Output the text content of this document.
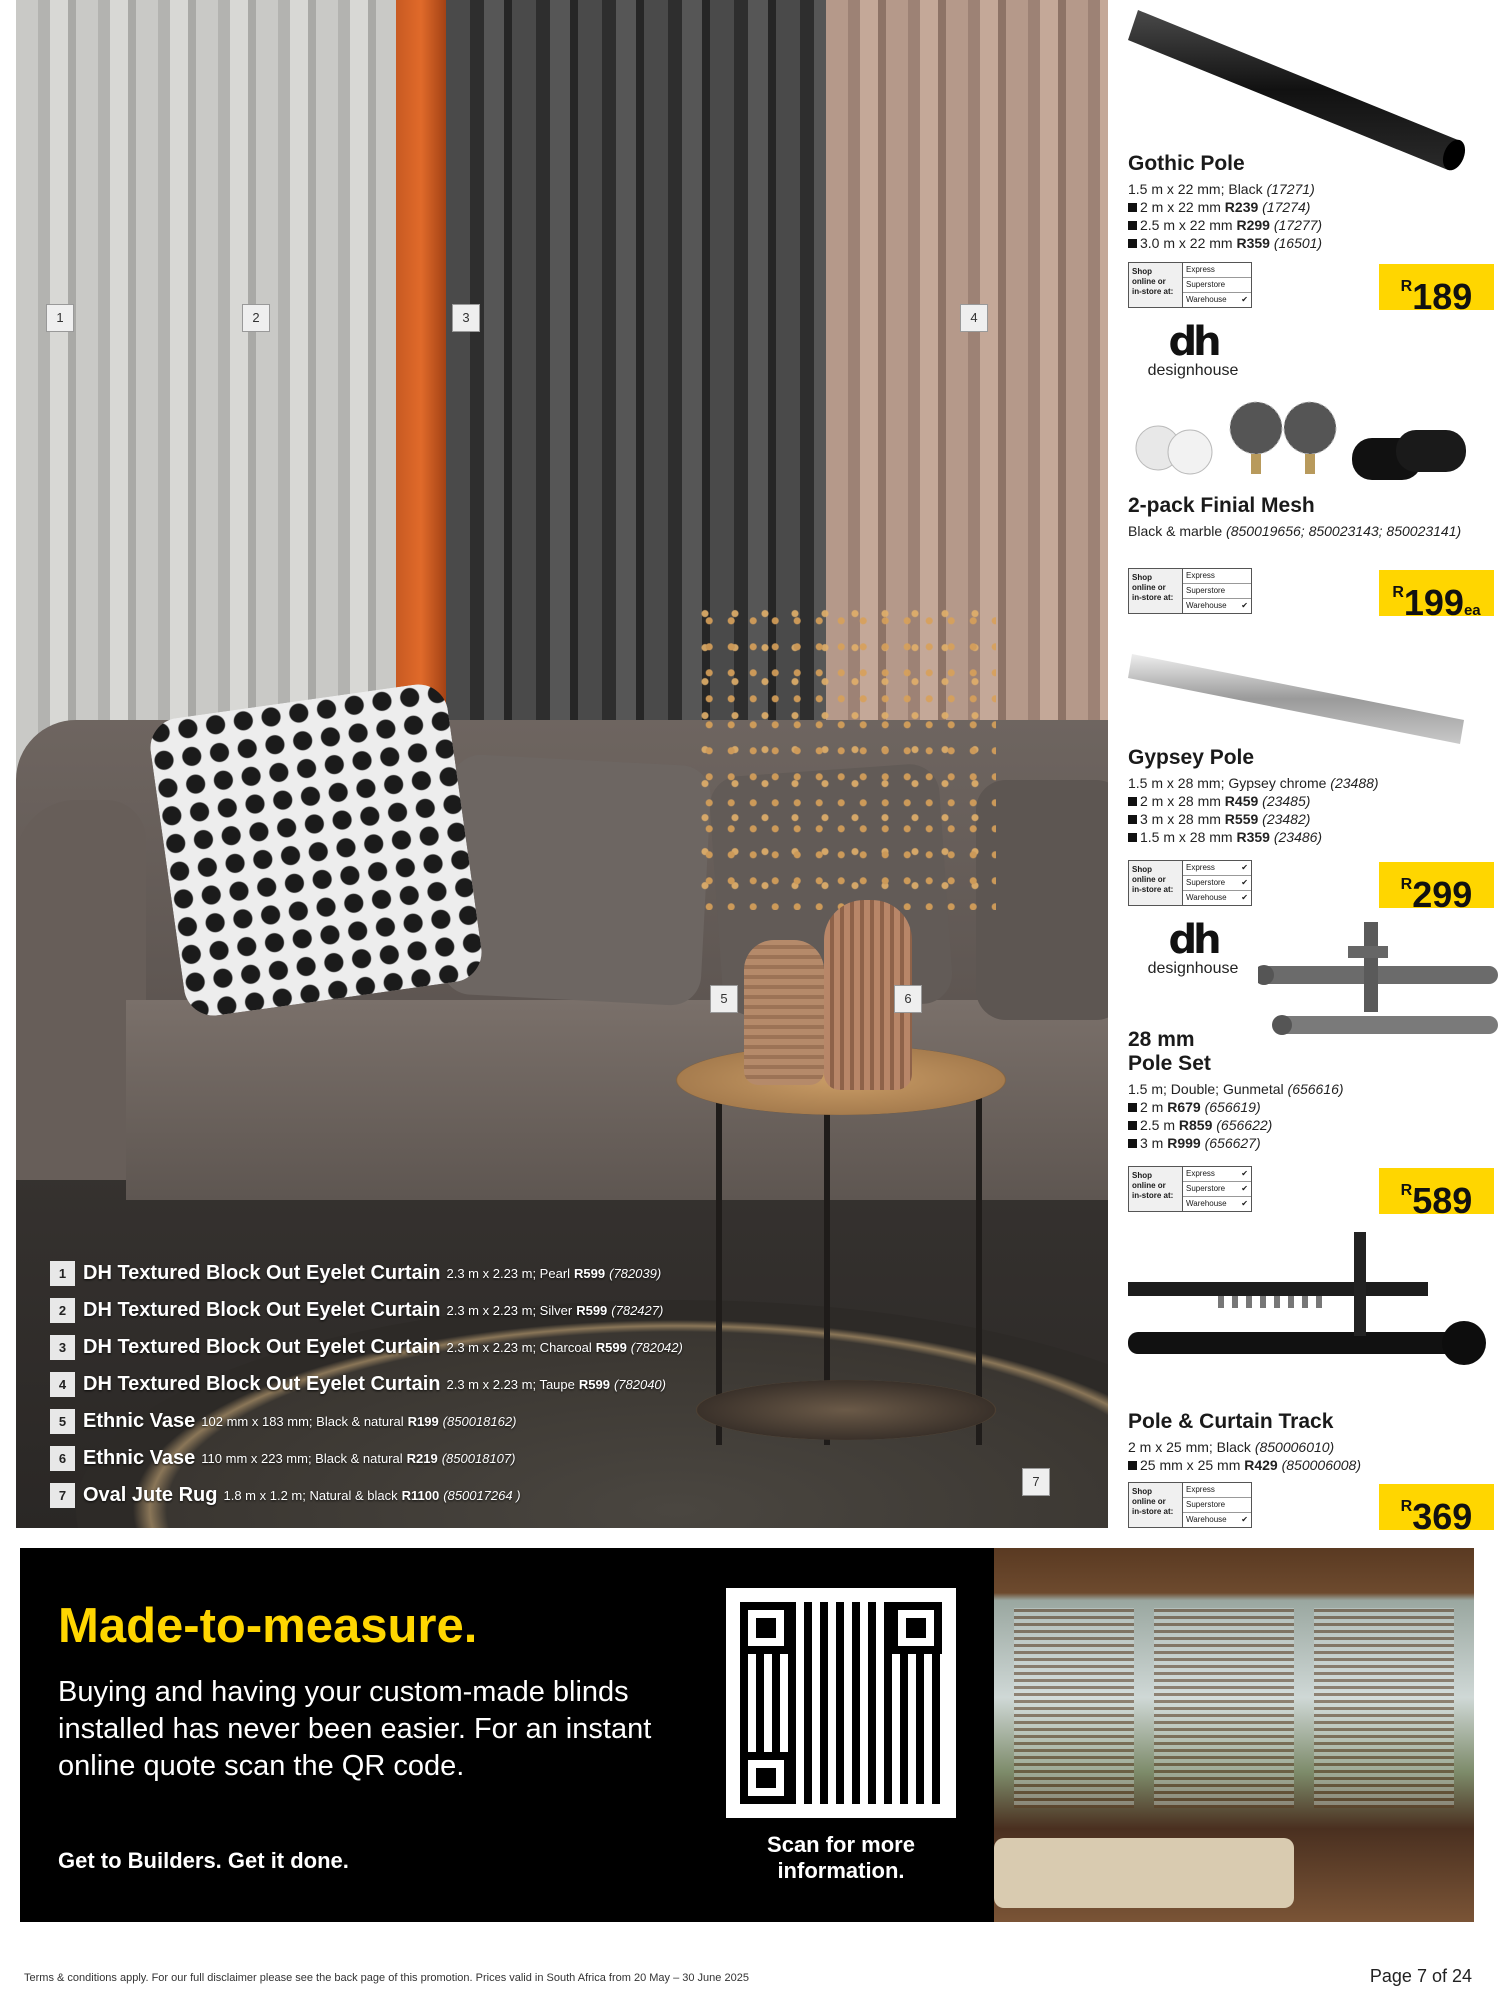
1	2	3	4
5	6
7
1 DH Textured Block Out Eyelet Curtain 2.3 m x 2.23 m; Pearl R599 (782039)
2 DH Textured Block Out Eyelet Curtain 2.3 m x 2.23 m; Silver R599 (782427)
3 DH Textured Block Out Eyelet Curtain 2.3 m x 2.23 m; Charcoal R599 (782042)
4 DH Textured Block Out Eyelet Curtain 2.3 m x 2.23 m; Taupe R599 (782040)
5 Ethnic Vase 102 mm x 183 mm; Black & natural R199 (850018162)
6 Ethnic Vase 110 mm x 223 mm; Black & natural R219 (850018107)
7 Oval Jute Rug 1.8 m x 1.2 m; Natural & black R1100 (850017264 )
Gothic Pole
1.5 m x 22 mm; Black (17271)
2 m x 22 mm R239 (17274)
2.5 m x 22 mm R299 (17277)
3.0 m x 22 mm R359 (16501)
Shop
online or
in-store at:
Express
Superstore
Warehouse ✔
$^R$189
dh
designhouse
2-pack Finial Mesh
Black & marble (850019656; 850023143; 850023141)
Shop
online or
in-store at:
Express
Superstore
Warehouse ✔
$^R$199ea
Gypsey Pole
1.5 m x 28 mm; Gypsey chrome (23488)
2 m x 28 mm R459 (23485)
3 m x 28 mm R559 (23482)
1.5 m x 28 mm R359 (23486)
Shop
online or
in-store at:
Express	✔
Superstore ✔
Warehouse ✔
$^R$299
dh
designhouse
28 mm
Pole Set
1.5 m; Double; Gunmetal (656616)
2 m R679 (656619)
2.5 m R859 (656622)
3 m R999 (656627)
Shop
online or
in-store at:
Express	✔
Superstore ✔
Warehouse ✔
$^R$589
Pole & Curtain Track
2 m x 25 mm; Black (850006010)
25 mm x 25 mm R429 (850006008)
Shop
online or
in-store at:
Express
Superstore
Warehouse ✔
$^R$369
Made-to-measure.
Buying and having your custom-made blinds installed has never been easier. For an instant online quote scan the QR code.
Get to Builders. Get it done.
Scan for more information.
Terms & conditions apply. For our full disclaimer please see the back page of this promotion. Prices valid in South Africa from 20 May – 30 June 2025	Page 7 of 24
